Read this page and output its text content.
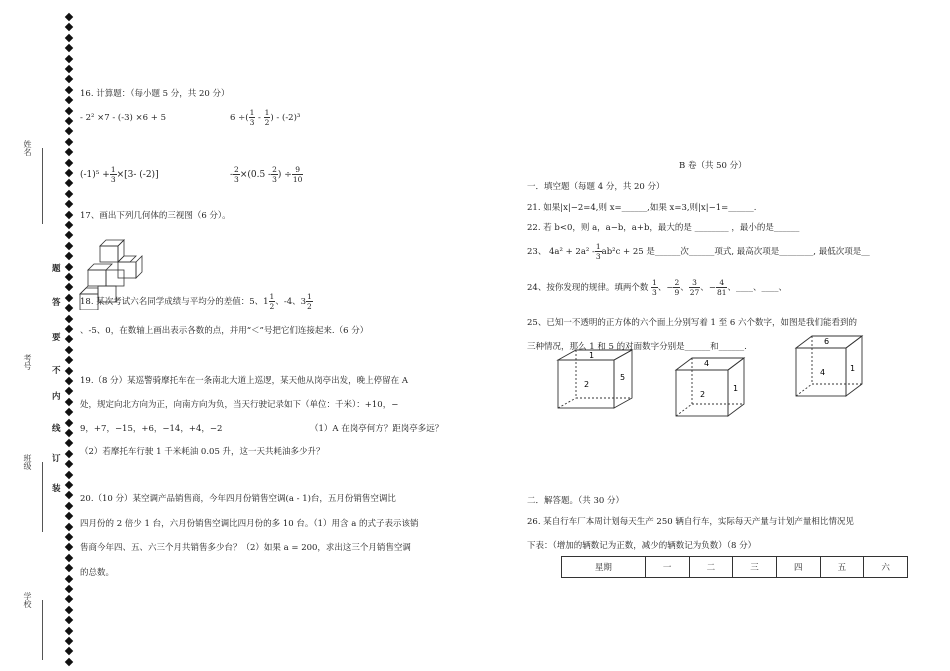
姓名
考号
班级
学校
题
答
要
不
内
线
订
装
16. 计算题：（每小题 5 分，共 20 分）
- 2² ×7 - (-3) ×6 + 5	6 ÷( $\frac{1}{3} - \frac{1}{2}$ ) - (-2)³
$(-1)^5 + \frac{1}{3} \times[3-$ (-2)]	- $\frac{2}{3} \times(0.5 - \frac{2}{3}$ ) ÷ $\frac{9}{10}$
17、画出下列几何体的三视图（6 分）。
18. 某次考试六名同学成绩与平均分的差值：5、$1 \frac{1}{2}$ 、-4、$3 \frac{1}{2}$
、-5、0，在数轴上画出表示各数的点，并用“＜”号把它们连接起来.（6 分）
19.（8 分）某巡警骑摩托车在一条南北大道上巡逻，某天他从岗亭出发，晚上停留在 A
处，规定向北方向为正，向南方向为负，当天行驶记录如下（单位：千米）：+10，−
9，+7，−15，+6，−14，+4，−2	（1）A 在岗亭何方？距岗亭多远？
（2）若摩托车行驶 1 千米耗油 0.05 升，这一天共耗油多少升？
20.（10 分）某空调产品销售商，今年四月份销售空调(a - 1)台，五月份销售空调比
四月份的 2 倍少 1 台，六月份销售空调比四月份的多 10 台。（1）用含 a 的式子表示该销
售商今年四、五、六三个月共销售多少台？（2）如果 a = 200，求出这三个月销售空调
的总数。
B 卷（共 50 分）
一．填空题（每题 4 分，共 20 分）
21. 如果|x|−2=4,则 x=______,如果 x=3,则|x|−1=______.
22. 若 b<0，则 a，a−b，a+b，最大的是 ________ ，最小的是______
23、 $4a^2 + 2a^2 - \frac{1}{3} ab^2c + 25$ 是______次______项式, 最高次项是________, 最低次项是__
24、按你发现的规律。填两个数 $\frac{1}{3}$ 、− $\frac{2}{9}$ 、 $\frac{3}{27}$ 、− $\frac{4}{81}$ 、____、____、
25、已知一不透明的正方体的六个面上分别写着 1 至 6 六个数字，如图是我们能看到的
三种情况，那么 1 和 5 的对面数字分别是______和______.
1
2
5
4
2
1
6
4	1
二．解答题。（共 30 分）
26. 某自行车厂本周计划每天生产 250 辆自行车，实际每天产量与计划产量相比情况见
下表：（增加的辆数记为正数，减少的辆数记为负数）（8 分）
星期	一	二	三	四	五	六
